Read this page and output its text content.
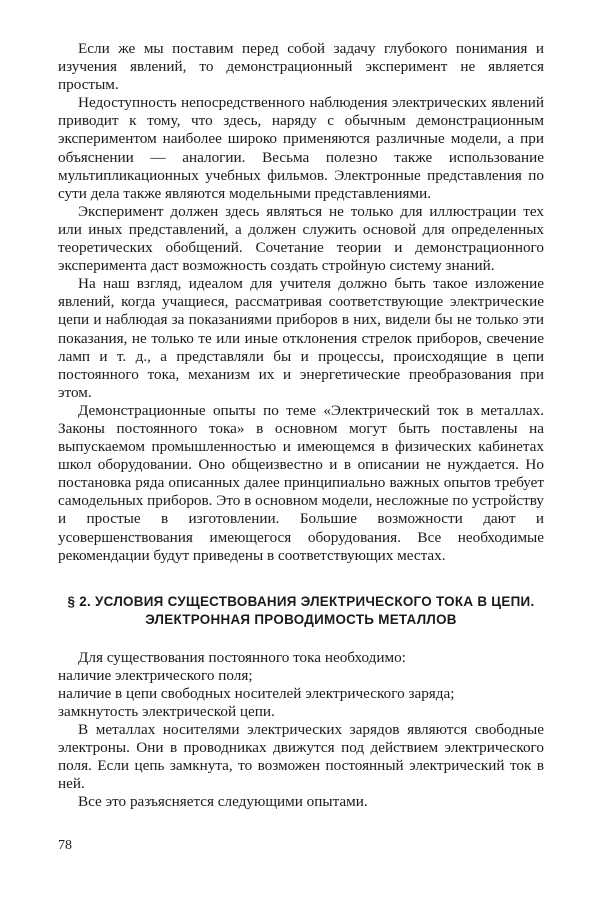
Если же мы поставим перед собой задачу глубокого понимания и изучения явлений, то демонстрационный эксперимент не является простым.

Недоступность непосредственного наблюдения электрических явлений приводит к тому, что здесь, наряду с обычным демонстрационным экспериментом наиболее широко применяются различные модели, а при объяснении — аналогии. Весьма полезно также использование мультипликационных учебных фильмов. Электронные представления по сути дела также являются модельными представлениями.

Эксперимент должен здесь являться не только для иллюстрации тех или иных представлений, а должен служить основой для определенных теоретических обобщений. Сочетание теории и демонстрационного эксперимента даст возможность создать стройную систему знаний.

На наш взгляд, идеалом для учителя должно быть такое изложение явлений, когда учащиеся, рассматривая соответствующие электрические цепи и наблюдая за показаниями приборов в них, видели бы не только эти показания, не только те или иные отклонения стрелок приборов, свечение ламп и т. д., а представляли бы и процессы, происходящие в цепи постоянного тока, механизм их и энергетические преобразования при этом.

Демонстрационные опыты по теме «Электрический ток в металлах. Законы постоянного тока» в основном могут быть поставлены на выпускаемом промышленностью и имеющемся в физических кабинетах школ оборудовании. Оно общеизвестно и в описании не нуждается. Но постановка ряда описанных далее принципиально важных опытов требует самодельных приборов. Это в основном модели, несложные по устройству и простые в изготовлении. Большие возможности дают и усовершенствования имеющегося оборудования. Все необходимые рекомендации будут приведены в соответствующих местах.

§ 2. УСЛОВИЯ СУЩЕСТВОВАНИЯ ЭЛЕКТРИЧЕСКОГО ТОКА В ЦЕПИ.
ЭЛЕКТРОННАЯ ПРОВОДИМОСТЬ МЕТАЛЛОВ
Для существования постоянного тока необходимо:
наличие электрического поля;
наличие в цепи свободных носителей электрического заряда;
замкнутость электрической цепи.

В металлах носителями электрических зарядов являются свободные электроны. Они в проводниках движутся под действием электрического поля. Если цепь замкнута, то возможен постоянный электрический ток в ней.

Все это разъясняется следующими опытами.

78
